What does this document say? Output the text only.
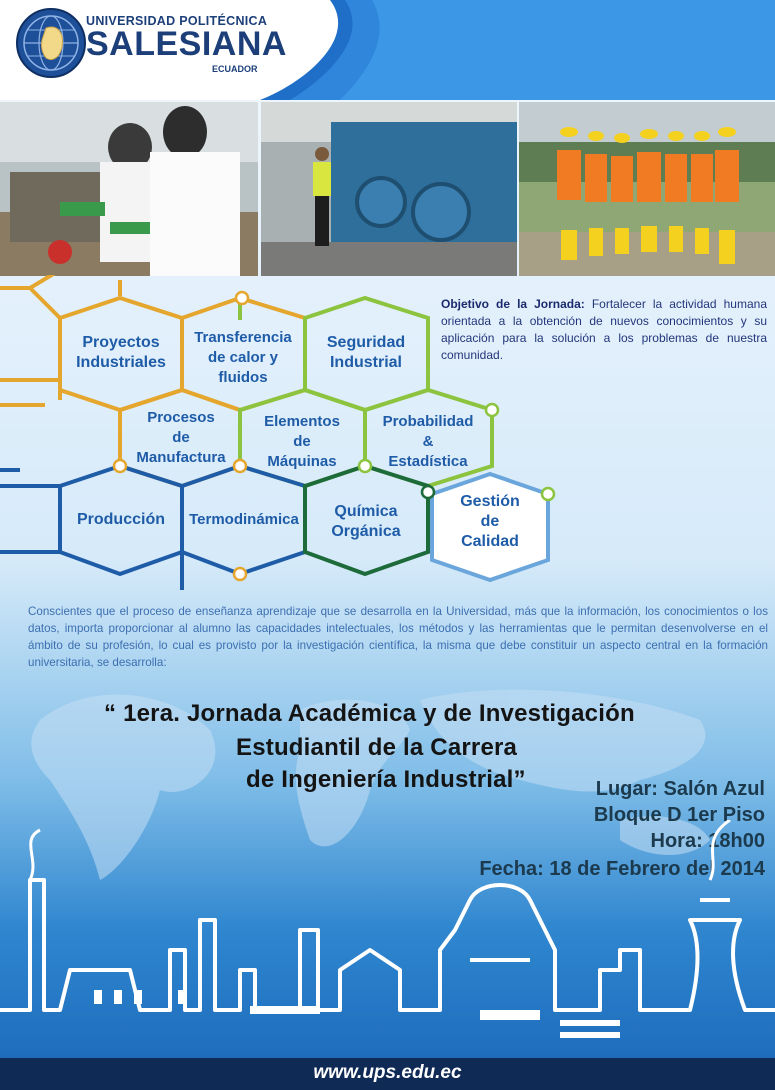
UNIVERSIDAD POLITÉCNICA
SALESIANA
ECUADOR
Proyectos
Industriales
Transferencia
de calor y
fluidos
Seguridad
Industrial
Procesos
de
Manufactura
Elementos
de
Máquinas
Probabilidad
&
Estadística
Producción	Termodinámica	Química
Orgánica
Gestión
de
Calidad
Objetivo de la Jornada: Fortalecer la actividad humana orientada a la obtención de nuevos conocimientos y su aplicación para la solución a los problemas de nuestra comunidad.
Conscientes que el proceso de enseñanza aprendizaje que se desarrolla en la Universidad, más que la información, los conocimientos o los datos, importa proporcionar al alumno las capacidades intelectuales, los métodos y las herramientas que le permitan desenvolverse en el ámbito de su profesión, lo cual es provisto por la investigación científica, la misma que debe constituir un aspecto central en la formación universitaria, se desarrolla:
“ 1era. Jornada Académica y de Investigación
Estudiantil de la Carrera
de Ingeniería Industrial”	Lugar: Salón Azul
Bloque D 1er Piso
Hora: 18h00
Fecha: 18 de Febrero del 2014
www.ups.edu.ec
